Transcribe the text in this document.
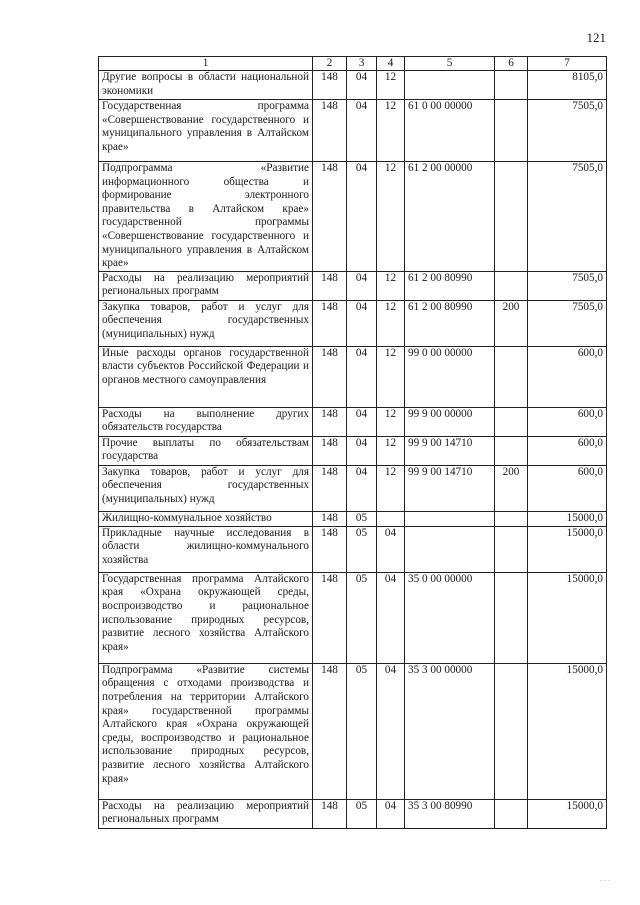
121
1	2	3	4	5	6	7
Другие вопросы в области национальной экономики	148	04	12			8105,0
Государственная программа «Совершенствование государственного и муниципального управления в Алтайском крае»	148	04	12	61 0 00 00000		7505,0
Подпрограмма «Развитие информационного общества и формирование электронного правительства в Алтайском крае» государственной программы «Совершенствование государственного и муниципального управления в Алтайском крае»	148	04	12	61 2 00 00000		7505,0
Расходы на реализацию мероприятий региональных программ	148	04	12	61 2 00 80990		7505,0
Закупка товаров, работ и услуг для обеспечения государственных (муниципальных) нужд	148	04	12	61 2 00 80990	200	7505,0
Иные расходы органов государственной власти субъектов Российской Федерации и органов местного самоуправления	148	04	12	99 0 00 00000		600,0
Расходы на выполнение других обязательств государства	148	04	12	99 9 00 00000		600,0
Прочие выплаты по обязательствам государства	148	04	12	99 9 00 14710		600,0
Закупка товаров, работ и услуг для обеспечения государственных (муниципальных) нужд	148	04	12	99 9 00 14710	200	600,0
Жилищно-коммунальное хозяйство	148	05				15000,0
Прикладные научные исследования в области жилищно-коммунального хозяйства	148	05	04			15000,0
Государственная программа Алтайского края «Охрана окружающей среды, воспроизводство и рациональное использование природных ресурсов, развитие лесного хозяйства Алтайского края»	148	05	04	35 0 00 00000		15000,0
Подпрограмма «Развитие системы обращения с отходами производства и потребления на территории Алтайского края» государственной программы Алтайского края «Охрана окружающей среды, воспроизводство и рациональное использование природных ресурсов, развитие лесного хозяйства Алтайского края»	148	05	04	35 3 00 00000		15000,0
Расходы на реализацию мероприятий региональных программ	148	05	04	35 3 00 80990		15000,0
. . .
